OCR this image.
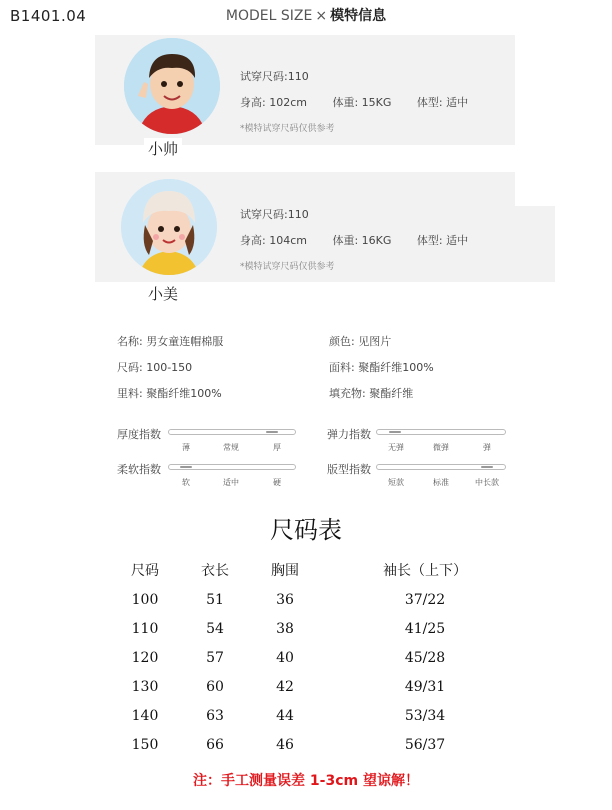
B1401.04	MODEL SIZE × 模特信息
小帅
试穿尺码:110
身高: 102cm 体重: 15KG 体型: 适中
*模特试穿尺码仅供参考
小美
试穿尺码:110
身高: 104cm 体重: 16KG 体型: 适中
*模特试穿尺码仅供参考
名称: 男女童连帽棉服	颜色: 见图片
尺码: 100-150	面料: 聚酯纤维100%
里料: 聚酯纤维100%	填充物: 聚酯纤维
厚度指数
薄	常规	厚
弹力指数
无弹	微弹	弹
柔软指数
软	适中	硬
版型指数
短款	标准	中长款
尺码表
尺码	衣长	胸围	袖长（上下）
100	51	36	37/22
110	54	38	41/25
120	57	40	45/28
130	60	42	49/31
140	63	44	53/34
150	66	46	56/37
注：手工测量误差 1-3cm 望谅解！
